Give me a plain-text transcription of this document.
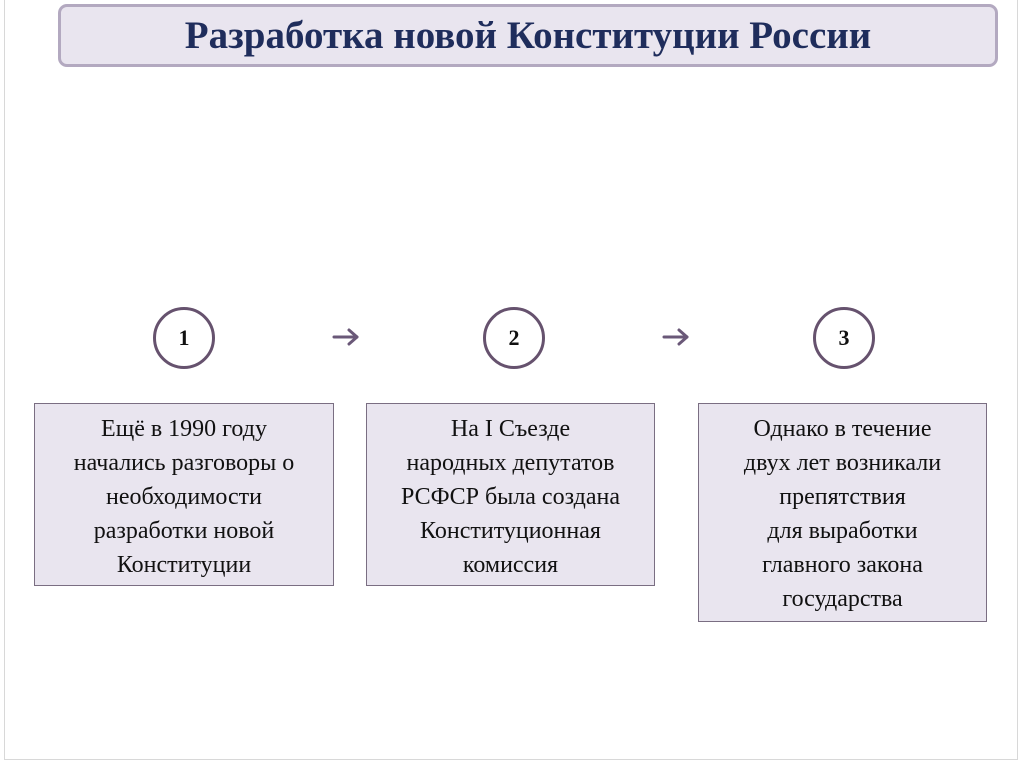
Разработка новой Конституции России
1	2	3
Ещё в 1990 году
начались разговоры о
необходимости
разработки новой
Конституции
На I Съезде
народных депутатов
РСФСР была создана
Конституционная
комиссия
Однако в течение
двух лет возникали
препятствия
для выработки
главного закона
государства
